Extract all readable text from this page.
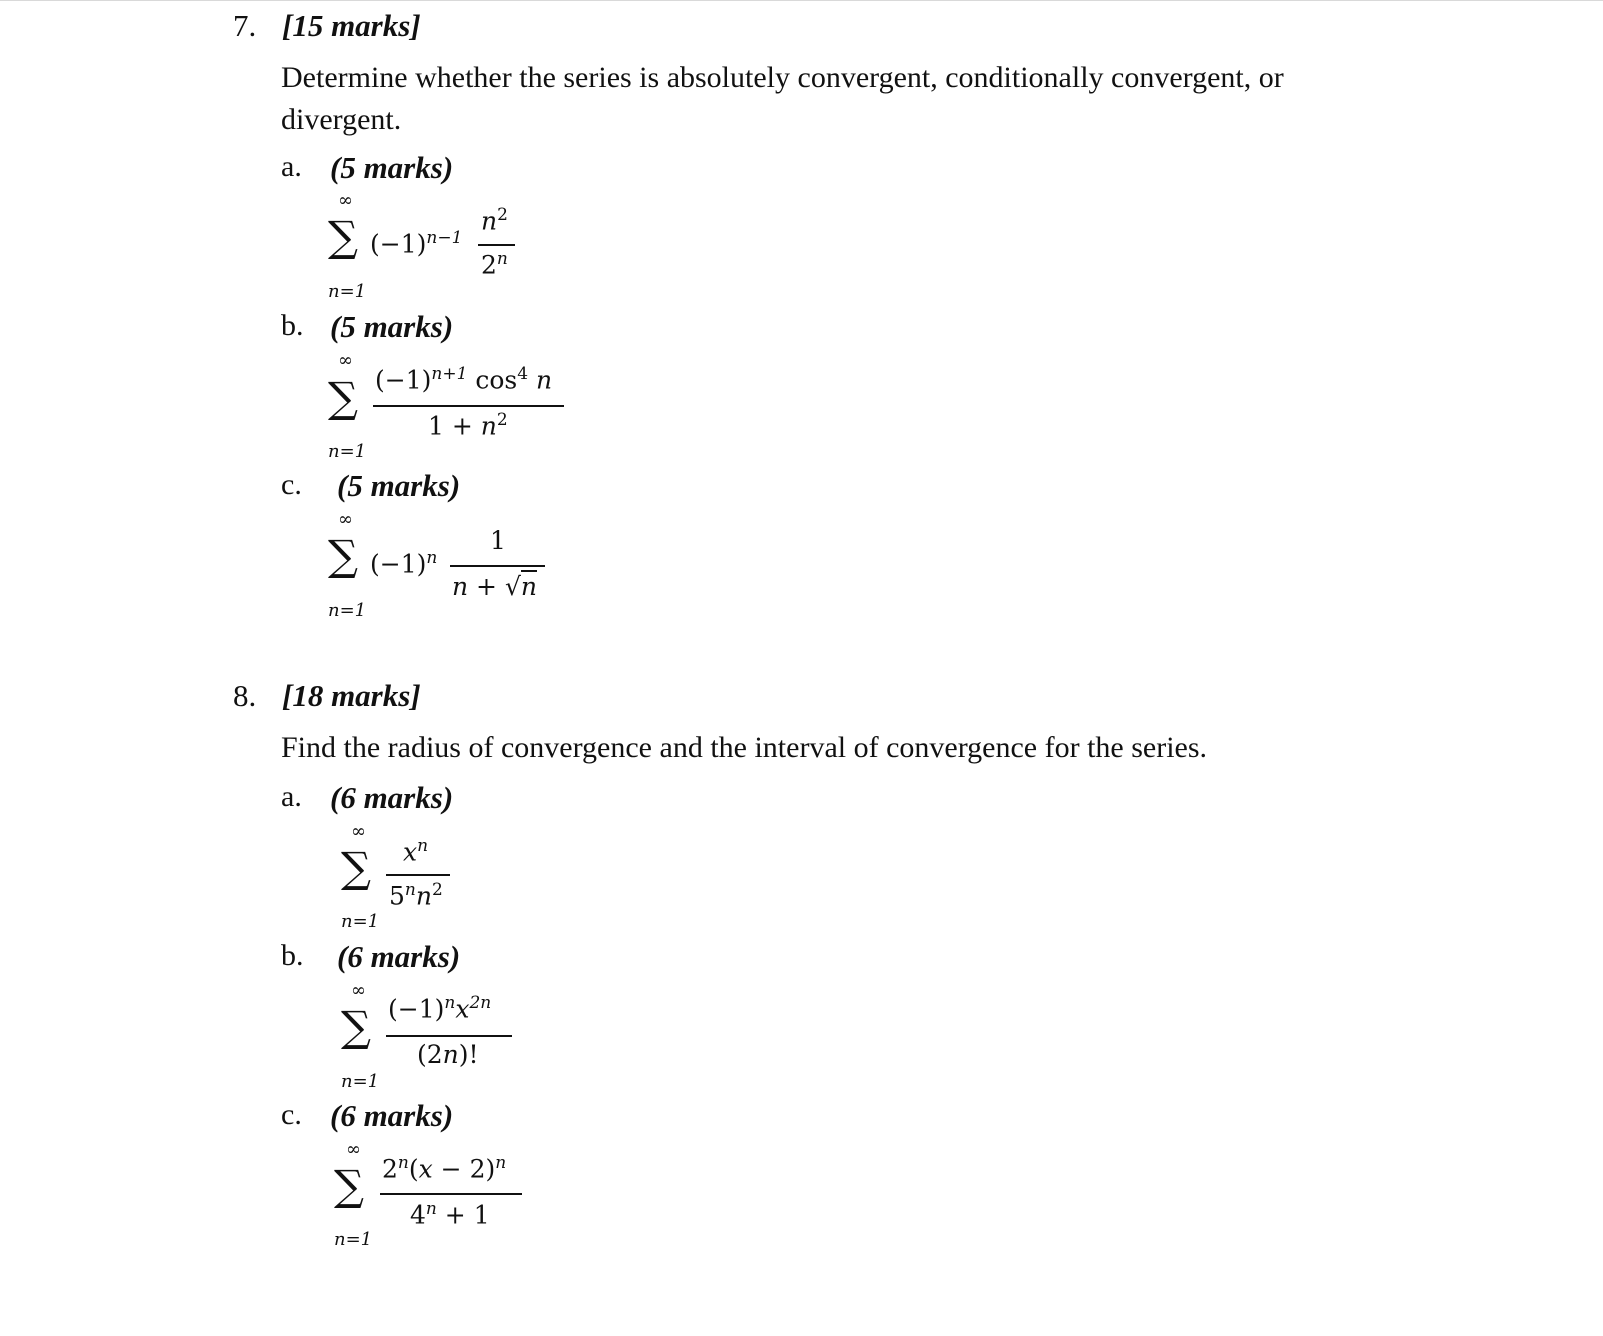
7. [15 marks]
Determine whether the series is absolutely convergent, conditionally convergent, or divergent.
a. (5 marks)
∞
∑
n=1
$(-1)^{n-1}$
$n^2$
2$^n$
b. (5 marks)
∞
∑
n=1
$(-1)^{n+1}$ $\cos^4 n$
$1 + n^2$
c. (5 marks)
∞
∑
n=1
$(-1)^n$
1
n + √n
8. [18 marks]
Find the radius of convergence and the interval of convergence for the series.
a. (6 marks)
∞
∑
n=1
$x^n$
$5^nn^2$
b. (6 marks)
∞
∑
n=1
$(-1)^nx^{2n}$
(2n)!
c. (6 marks)
∞
∑
n=1
$2^n(x - 2)^n$
$4^n + 1$
